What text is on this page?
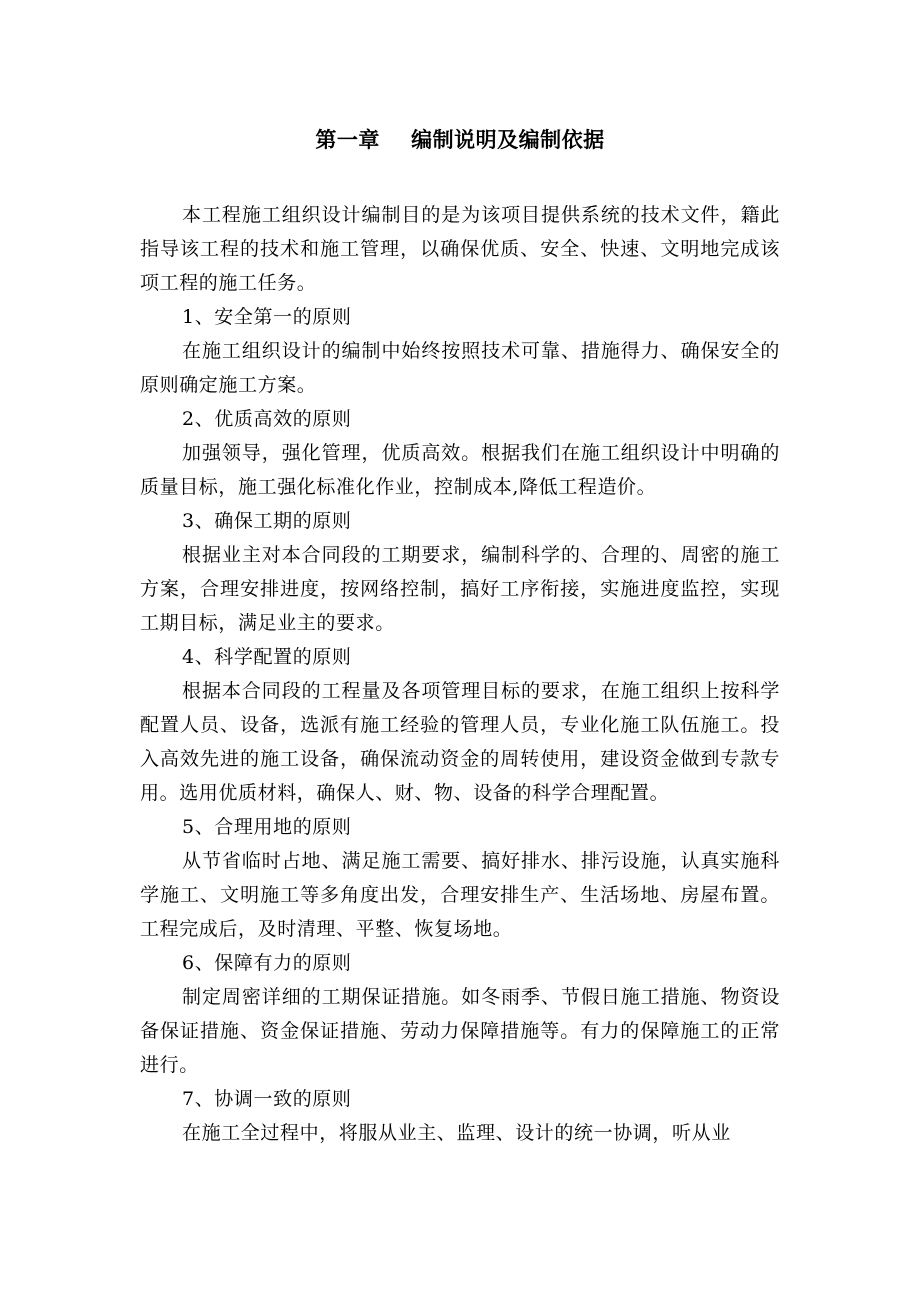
第一章    编制说明及编制依据

本工程施工组织设计编制目的是为该项目提供系统的技术文件，籍此指导该工程的技术和施工管理，以确保优质、安全、快速、文明地完成该项工程的施工任务。

1、安全第一的原则

在施工组织设计的编制中始终按照技术可靠、措施得力、确保安全的原则确定施工方案。

2、优质高效的原则

加强领导，强化管理，优质高效。根据我们在施工组织设计中明确的质量目标，施工强化标准化作业，控制成本,降低工程造价。

3、确保工期的原则

根据业主对本合同段的工期要求，编制科学的、合理的、周密的施工方案，合理安排进度，按网络控制，搞好工序衔接，实施进度监控，实现工期目标，满足业主的要求。

4、科学配置的原则

根据本合同段的工程量及各项管理目标的要求，在施工组织上按科学配置人员、设备，选派有施工经验的管理人员，专业化施工队伍施工。投入高效先进的施工设备，确保流动资金的周转使用，建设资金做到专款专用。选用优质材料，确保人、财、物、设备的科学合理配置。

5、合理用地的原则

从节省临时占地、满足施工需要、搞好排水、排污设施，认真实施科学施工、文明施工等多角度出发，合理安排生产、生活场地、房屋布置。工程完成后，及时清理、平整、恢复场地。

6、保障有力的原则

制定周密详细的工期保证措施。如冬雨季、节假日施工措施、物资设备保证措施、资金保证措施、劳动力保障措施等。有力的保障施工的正常进行。

7、协调一致的原则

在施工全过程中，将服从业主、监理、设计的统一协调，听从业
